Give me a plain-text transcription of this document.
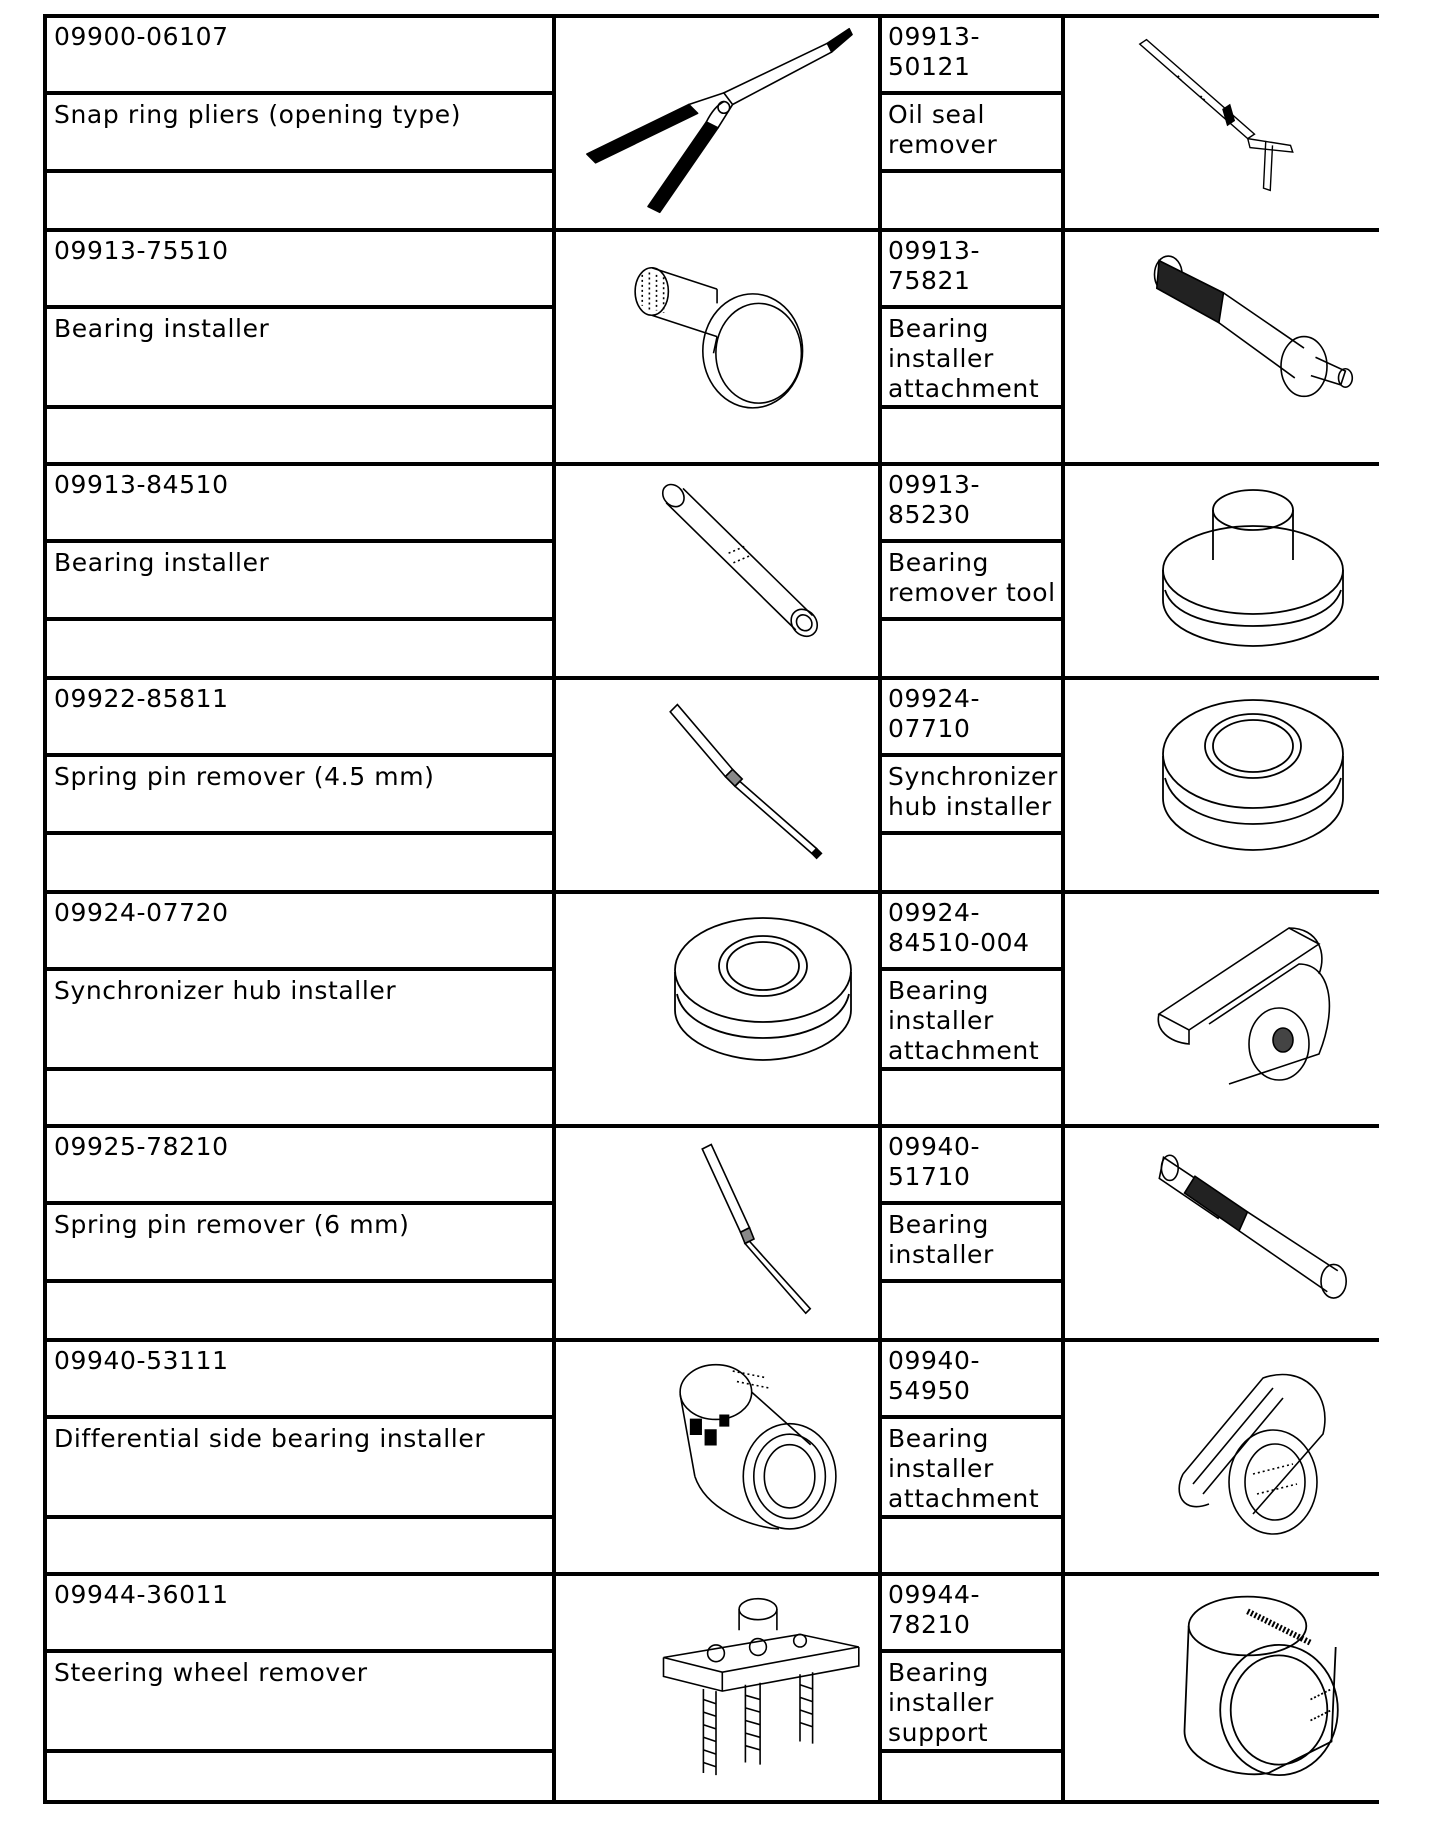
09900-06107
Snap ring pliers (opening type)
09913-
50121
Oil seal
remover
09913-75510
Bearing installer
09913-
75821
Bearing
installer
attachment
09913-84510
Bearing installer
09913-
85230
Bearing
remover tool
09922-85811
Spring pin remover (4.5 mm)
09924-
07710
Synchronizer
hub installer
09924-07720
Synchronizer hub installer
09924-
84510-004
Bearing
installer
attachment
09925-78210
Spring pin remover (6 mm)
09940-
51710
Bearing
installer
09940-53111
Differential side bearing installer
09940-
54950
Bearing
installer
attachment
09944-36011
Steering wheel remover
09944-
78210
Bearing
installer
support
